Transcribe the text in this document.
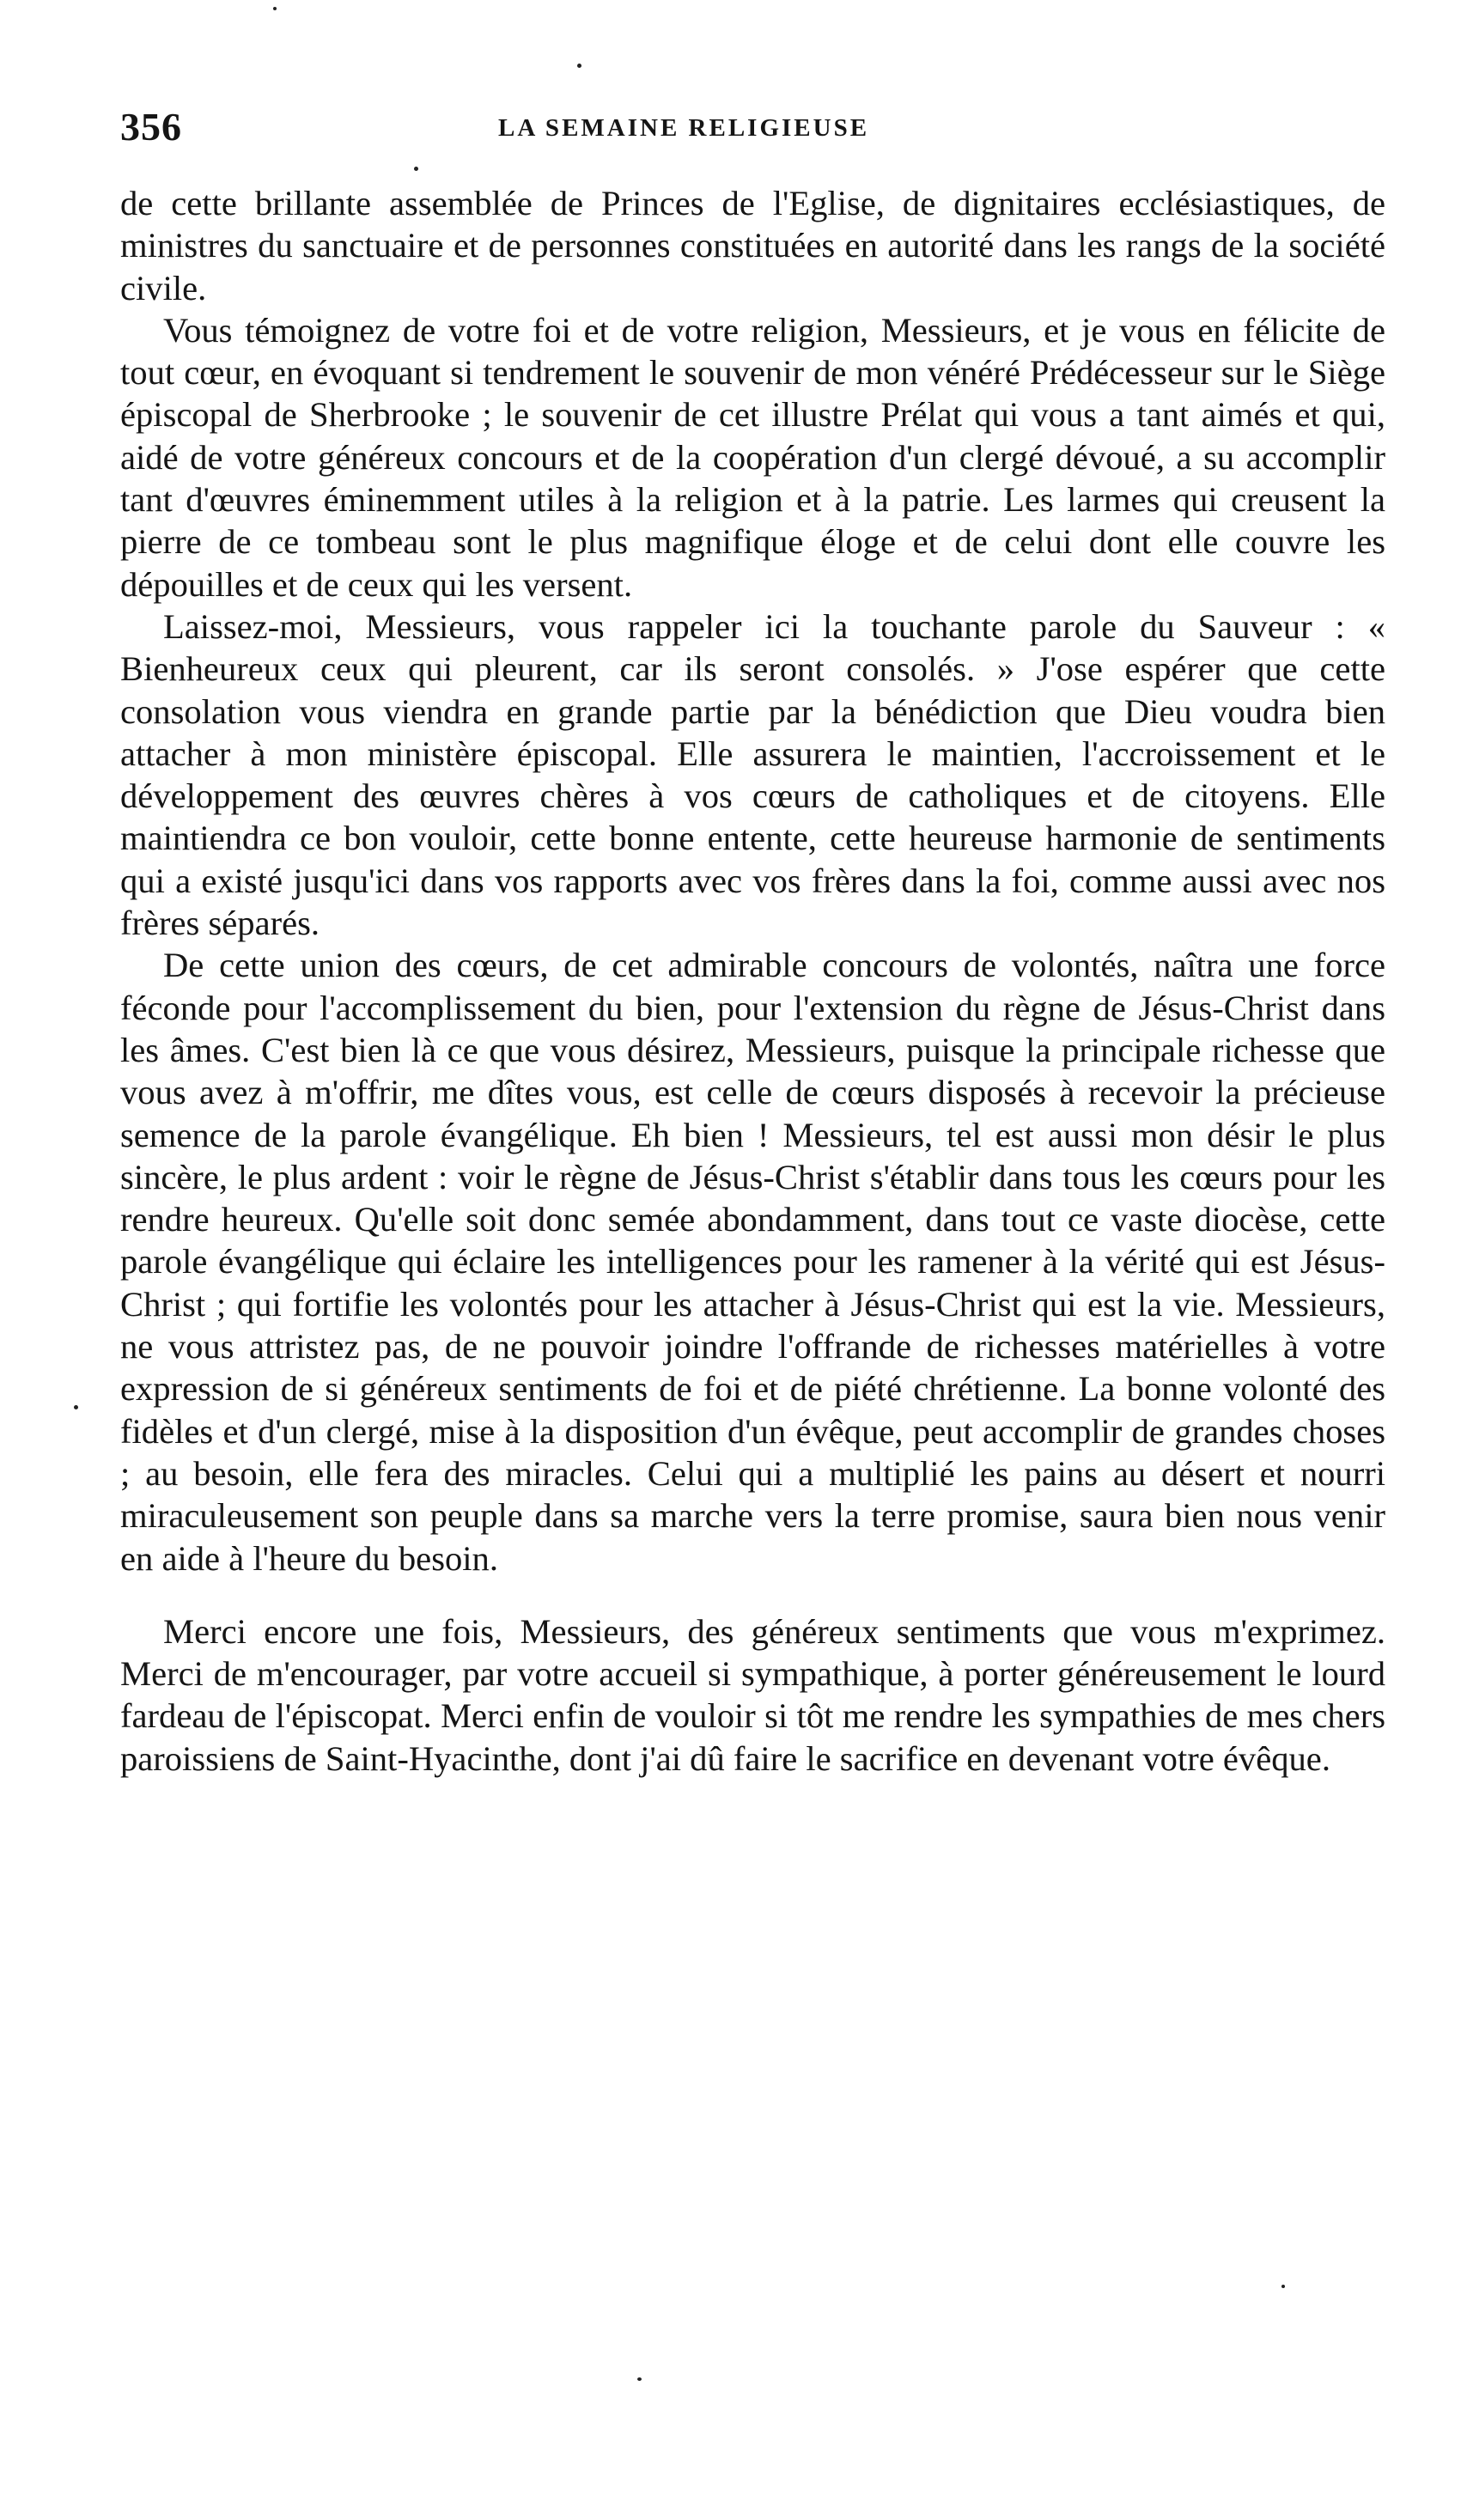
356	LA SEMAINE RELIGIEUSE

de cette brillante assemblée de Princes de l'Eglise, de dignitaires ecclésiastiques, de ministres du sanctuaire et de personnes constituées en autorité dans les rangs de la société civile.

Vous témoignez de votre foi et de votre religion, Messieurs, et je vous en félicite de tout cœur, en évoquant si tendrement le souvenir de mon vénéré Prédécesseur sur le Siège épiscopal de Sherbrooke ; le souvenir de cet illustre Prélat qui vous a tant aimés et qui, aidé de votre généreux concours et de la coopération d'un clergé dévoué, a su accomplir tant d'œuvres éminemment utiles à la religion et à la patrie. Les larmes qui creusent la pierre de ce tombeau sont le plus magnifique éloge et de celui dont elle couvre les dépouilles et de ceux qui les versent.

Laissez-moi, Messieurs, vous rappeler ici la touchante parole du Sauveur : « Bienheureux ceux qui pleurent, car ils seront consolés. » J'ose espérer que cette consolation vous viendra en grande partie par la bénédiction que Dieu voudra bien attacher à mon ministère épiscopal. Elle assurera le maintien, l'accroissement et le développement des œuvres chères à vos cœurs de catholiques et de citoyens. Elle maintiendra ce bon vouloir, cette bonne entente, cette heureuse harmonie de sentiments qui a existé jusqu'ici dans vos rapports avec vos frères dans la foi, comme aussi avec nos frères séparés.

De cette union des cœurs, de cet admirable concours de volontés, naîtra une force féconde pour l'accomplissement du bien, pour l'extension du règne de Jésus-Christ dans les âmes. C'est bien là ce que vous désirez, Messieurs, puisque la principale richesse que vous avez à m'offrir, me dîtes vous, est celle de cœurs disposés à recevoir la précieuse semence de la parole évangélique. Eh bien ! Messieurs, tel est aussi mon désir le plus sincère, le plus ardent : voir le règne de Jésus-Christ s'établir dans tous les cœurs pour les rendre heureux. Qu'elle soit donc semée abondamment, dans tout ce vaste diocèse, cette parole évangélique qui éclaire les intelligences pour les ramener à la vérité qui est Jésus-Christ ; qui fortifie les volontés pour les attacher à Jésus-Christ qui est la vie. Messieurs, ne vous attristez pas, de ne pouvoir joindre l'offrande de richesses matérielles à votre expression de si généreux sentiments de foi et de piété chrétienne. La bonne volonté des fidèles et d'un clergé, mise à la disposition d'un évêque, peut accomplir de grandes choses ; au besoin, elle fera des miracles. Celui qui a multiplié les pains au désert et nourri miraculeusement son peuple dans sa marche vers la terre promise, saura bien nous venir en aide à l'heure du besoin.

Merci encore une fois, Messieurs, des généreux sentiments que vous m'exprimez. Merci de m'encourager, par votre accueil si sympathique, à porter généreusement le lourd fardeau de l'épiscopat. Merci enfin de vouloir si tôt me rendre les sympathies de mes chers paroissiens de Saint-Hyacinthe, dont j'ai dû faire le sacrifice en devenant votre évêque.
